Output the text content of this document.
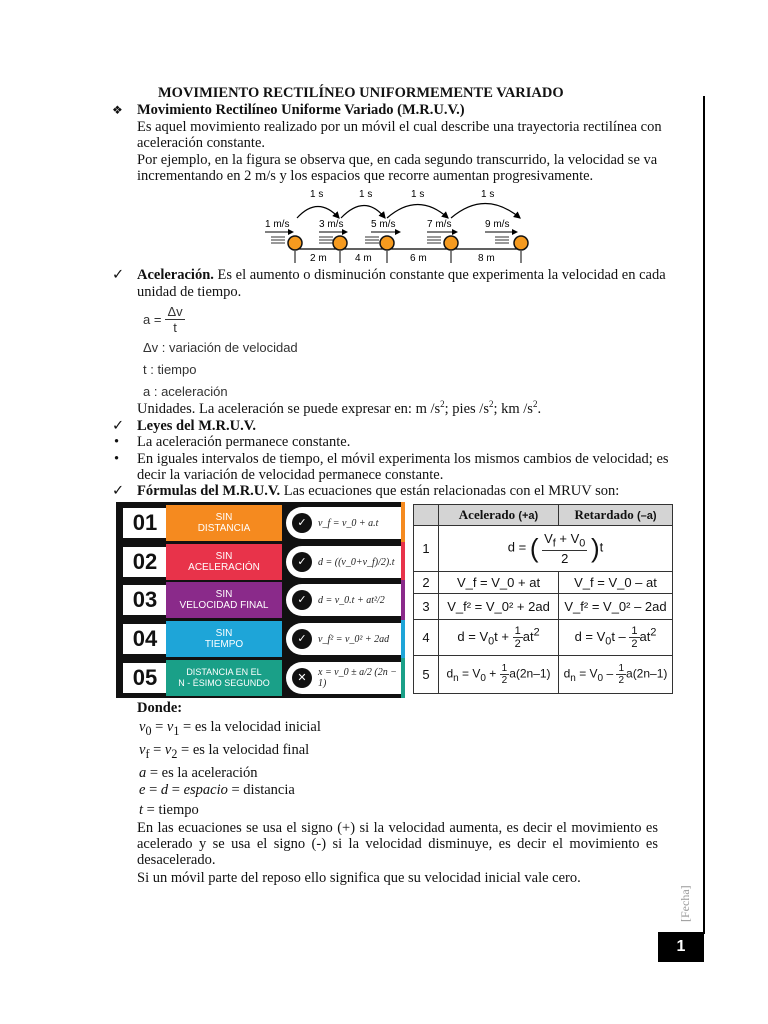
MOVIMIENTO RECTILÍNEO UNIFORMEMENTE VARIADO
❖ Movimiento Rectilíneo Uniforme Variado (M.R.U.V.)
Es aquel movimiento realizado por un móvil el cual describe una trayectoria rectilínea con
aceleración constante.
Por ejemplo, en la figura se observa que, en cada segundo transcurrido, la velocidad se va
incrementando en 2 m/s y los espacios que recorre aumentan progresivamente.
1 s	1 s	1 s	1 s
1 m/s	3 m/s	5 m/s	7 m/s	9 m/s
2 m	4 m	6 m	8 m
✓ Aceleración. Es el aumento o disminución constante que experimenta la velocidad en cada
unidad de tiempo.
$a = \frac{\Delta v}{t}$
Δv : variación de velocidad
t : tiempo
a : aceleración
Unidades. La aceleración se puede expresar en: m $/s^2$; pies $/s^2$; km $/s^2$.
✓ Leyes del M.R.U.V.
• La aceleración permanece constante.
• En iguales intervalos de tiempo, el móvil experimenta los mismos cambios de velocidad; es
decir la variación de velocidad permanece constante.
✓ Fórmulas del M.R.U.V. Las ecuaciones que están relacionadas con el MRUV son:
01	SIN
DISTANCIA	✓	v_f = v_0 + a.t
02	SIN
ACELERACIÓN	✓	d = ((v_0+v_f)/2).t
03	SIN
VELOCIDAD FINAL	✓	d = v_0.t + at²/2
04	SIN
TIEMPO	✓	v_f² = v_0² + 2ad
05	DISTANCIA EN EL
N - ÉSIMO SEGUNDO	✕	x = v_0 ± a/2 (2n − 1)
	Acelerado (+a)	Retardado (–a)
1	d = ( $\frac{V_f + V_0}{2} )t$	
2	V_f = V_0 + at	V_f = V_0 – at
3	V_f² = V_0² + 2ad	V_f² = V_0² – 2ad
4	$d = V_0t + \frac{1}{2} at^2$	$d = V_0t - \frac{1}{2} at^2$
5	$d_n = V_0 + \frac{1}{2} a(2n-1)$	$d_n = V_0 - \frac{1}{2} a(2n-1)$
Donde:
$v_0 = v_1$ = es la velocidad inicial
$v_f = v_2$ = es la velocidad final
a = es la aceleración
e = d = espacio = distancia
t = tiempo
En las ecuaciones se usa el signo (+) si la velocidad aumenta, es decir el movimiento es
acelerado y se usa el signo (-) si la velocidad disminuye, es decir el movimiento es
desacelerado.
Si un móvil parte del reposo ello significa que su velocidad inicial vale cero.
[Fecha]
1
